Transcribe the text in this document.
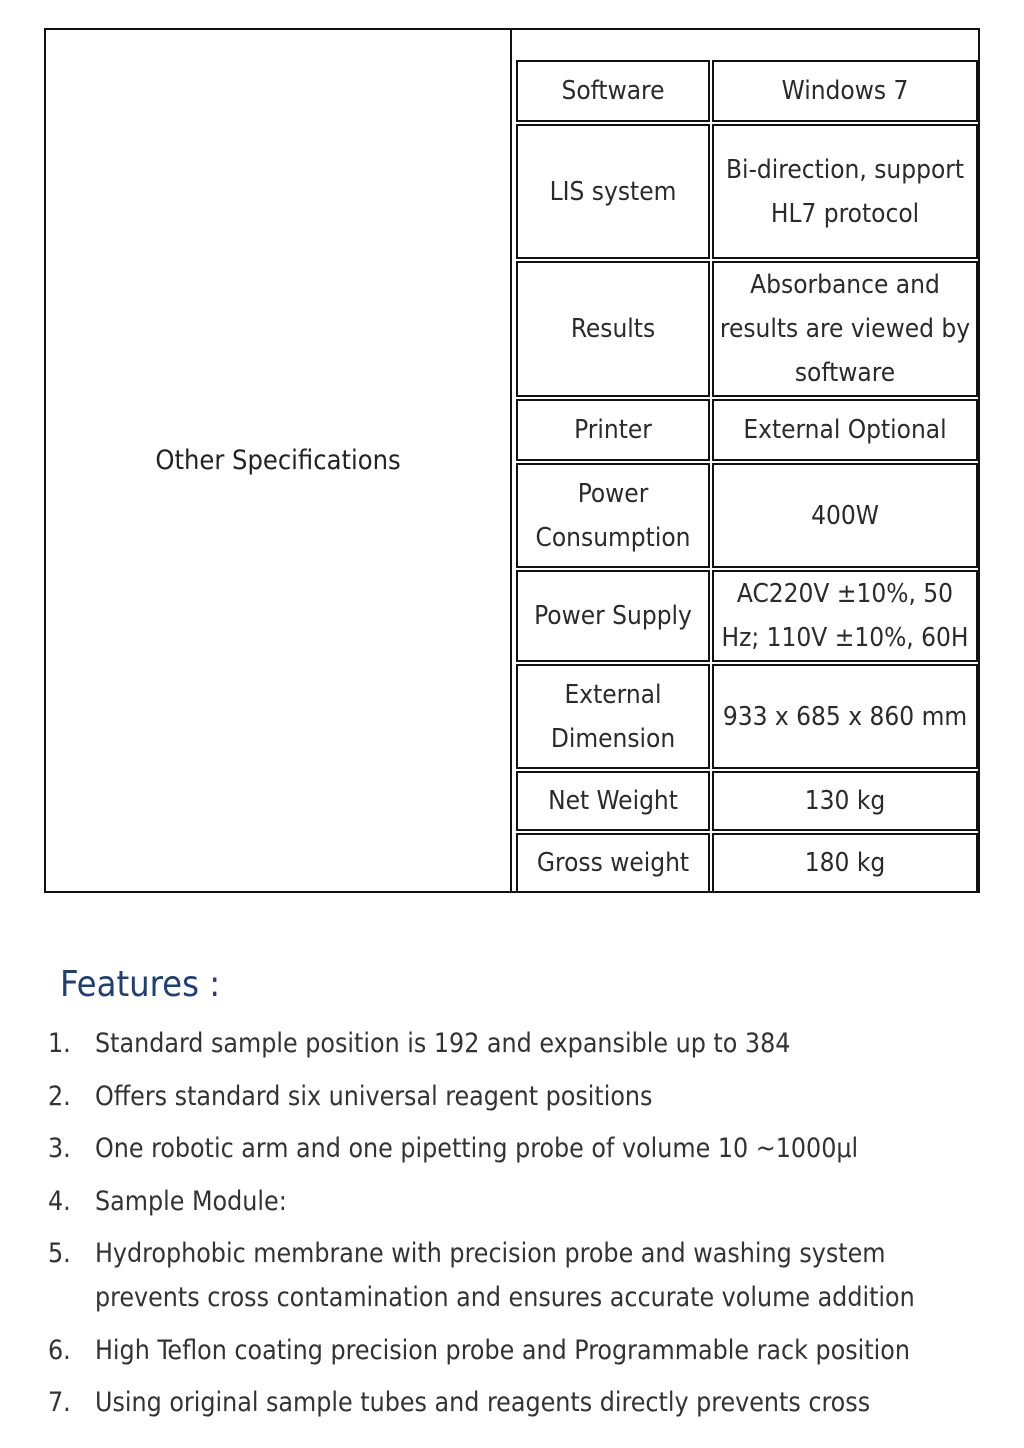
Other Specifications
Software	Windows 7
LIS system	Bi-direction, support HL7 protocol
Results	Absorbance and results are viewed by software
Printer	External Optional
Power Consumption	400W
Power Supply	AC220V ±10%, 50 Hz; 110V ±10%, 60H
External Dimension	933 x 685 x 860 mm
Net Weight	130 kg
Gross weight	180 kg
Features :
1. Standard sample position is 192 and expansible up to 384
2. Offers standard six universal reagent positions
3. One robotic arm and one pipetting probe of volume 10 ~1000µl
4. Sample Module:
5. Hydrophobic membrane with precision probe and washing system prevents cross contamination and ensures accurate volume addition
6. High Teflon coating precision probe and Programmable rack position
7. Using original sample tubes and reagents directly prevents cross
